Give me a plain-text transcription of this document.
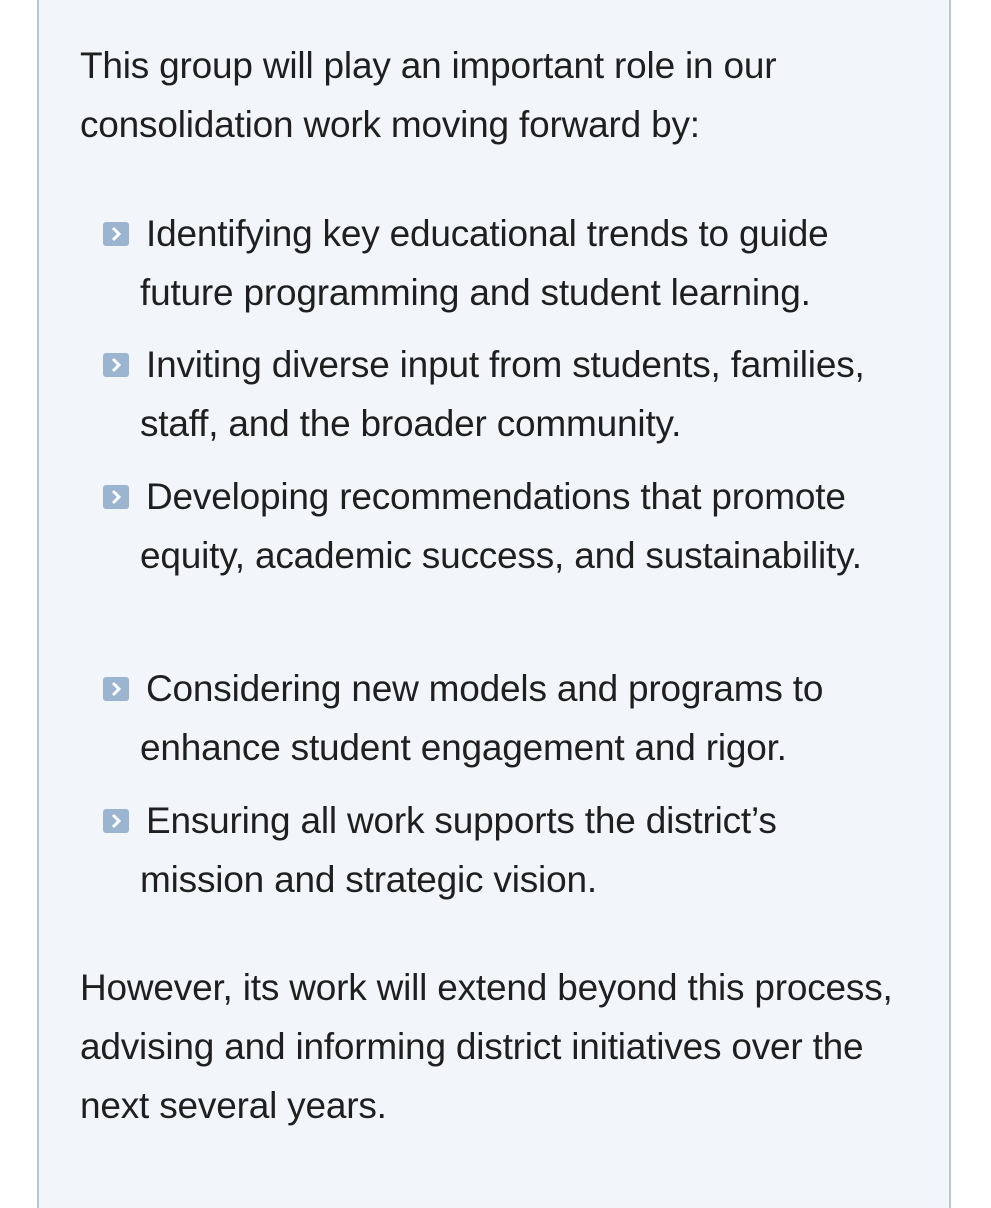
This group will play an important role in our consolidation work moving forward by:

Identifying key educational trends to guide future programming and student learning.

Inviting diverse input from students, families, staff, and the broader community.

Developing recommendations that promote equity, academic success, and sustainability.

Considering new models and programs to enhance student engagement and rigor.

Ensuring all work supports the district’s mission and strategic vision.

However, its work will extend beyond this process, advising and informing district initiatives over the next several years.
